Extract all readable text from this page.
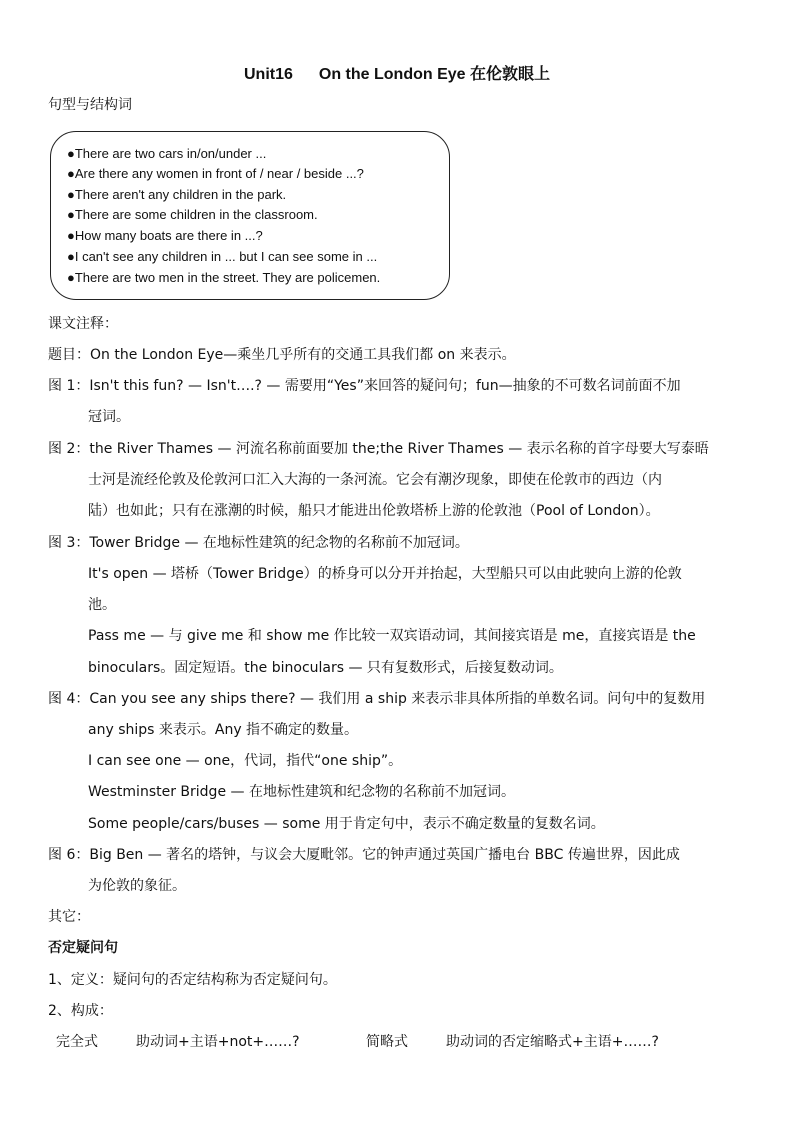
Unit16 On the London Eye 在伦敦眼上
句型与结构词
●There are two cars in/on/under ...
●Are there any women in front of / near / beside ...?
●There aren't any children in the park.
●There are some children in the classroom.
●How many boats are there in ...?
●I can't see any children in ... but I can see some in ...
●There are two men in the street. They are policemen.
课文注释：
题目：On the London Eye—乘坐几乎所有的交通工具我们都 on 来表示。
图 1：Isn't this fun? — Isn't….? — 需要用“Yes”来回答的疑问句；fun—抽象的不可数名词前面不加
冠词。
图 2：the River Thames — 河流名称前面要加 the;the River Thames — 表示名称的首字母要大写泰晤
士河是流经伦敦及伦敦河口汇入大海的一条河流。它会有潮汐现象，即使在伦敦市的西边（内
陆）也如此；只有在涨潮的时候，船只才能进出伦敦塔桥上游的伦敦池（Pool of London）。
图 3：Tower Bridge — 在地标性建筑的纪念物的名称前不加冠词。
It's open — 塔桥（Tower Bridge）的桥身可以分开并抬起，大型船只可以由此驶向上游的伦敦
池。
Pass me — 与 give me 和 show me 作比较一双宾语动词，其间接宾语是 me，直接宾语是 the
binoculars。固定短语。the binoculars — 只有复数形式，后接复数动词。
图 4：Can you see any ships there? — 我们用 a ship 来表示非具体所指的单数名词。问句中的复数用
any ships 来表示。Any 指不确定的数量。
I can see one — one，代词，指代“one ship”。
Westminster Bridge — 在地标性建筑和纪念物的名称前不加冠词。
Some people/cars/buses — some 用于肯定句中，表示不确定数量的复数名词。
图 6：Big Ben — 著名的塔钟，与议会大厦毗邻。它的钟声通过英国广播电台 BBC 传遍世界，因此成
为伦敦的象征。
其它：
否定疑问句
1、定义：疑问句的否定结构称为否定疑问句。
2、构成：
完全式	助动词+主语+not+……?	简略式	助动词的否定缩略式+主语+……?
